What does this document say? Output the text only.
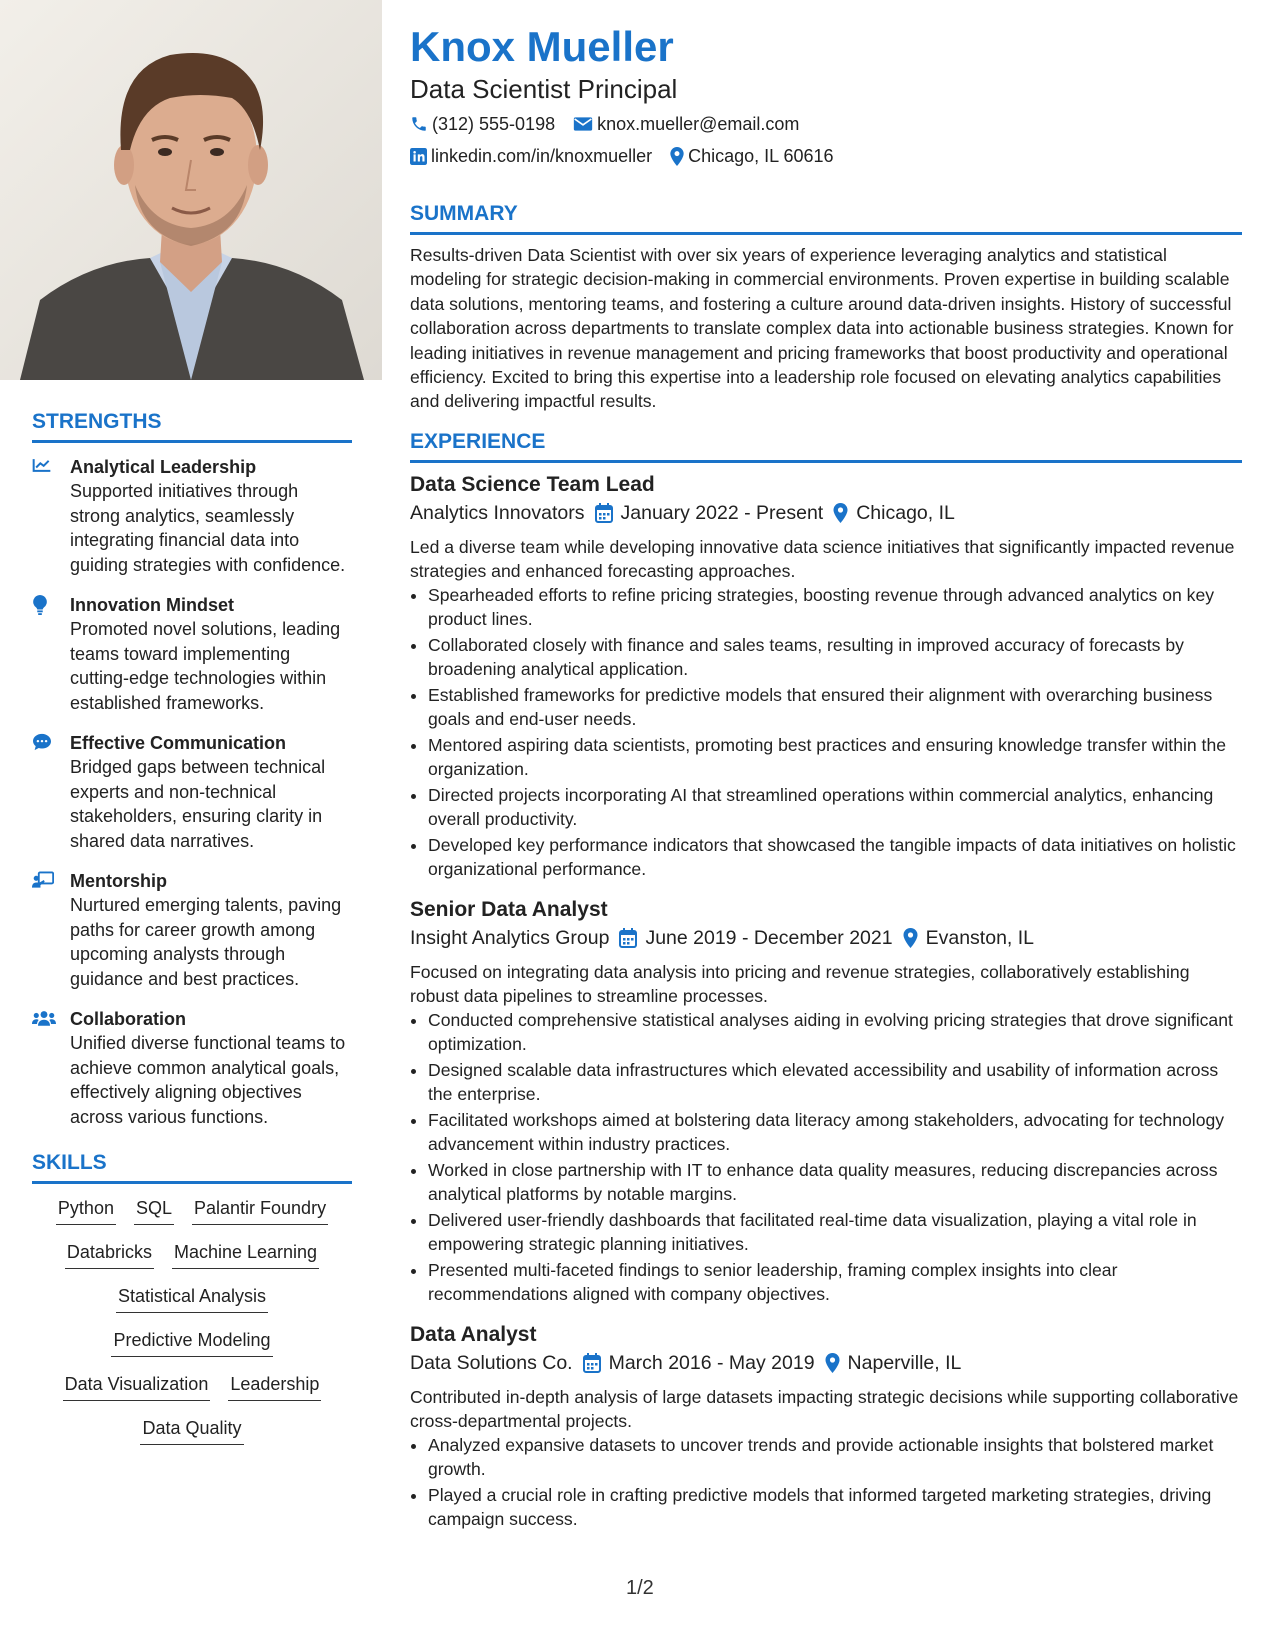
STRENGTHS
Analytical Leadership
Supported initiatives through strong analytics, seamlessly integrating financial data into guiding strategies with confidence.
Innovation Mindset
Promoted novel solutions, leading teams toward implementing cutting-edge technologies within established frameworks.
Effective Communication
Bridged gaps between technical experts and non-technical stakeholders, ensuring clarity in shared data narratives.
Mentorship
Nurtured emerging talents, paving paths for career growth among upcoming analysts through guidance and best practices.
Collaboration
Unified diverse functional teams to achieve common analytical goals, effectively aligning objectives across various functions.
SKILLS
Python SQL Palantir Foundry
Databricks Machine Learning
Statistical Analysis
Predictive Modeling
Data Visualization Leadership
Data Quality
Knox Mueller
Data Scientist Principal
(312) 555-0198 knox.mueller@email.com
linkedin.com/in/knoxmueller Chicago, IL 60616
SUMMARY
Results-driven Data Scientist with over six years of experience leveraging analytics and statistical modeling for strategic decision-making in commercial environments. Proven expertise in building scalable data solutions, mentoring teams, and fostering a culture around data-driven insights. History of successful collaboration across departments to translate complex data into actionable business strategies. Known for leading initiatives in revenue management and pricing frameworks that boost productivity and operational efficiency. Excited to bring this expertise into a leadership role focused on elevating analytics capabilities and delivering impactful results.
EXPERIENCE
Data Science Team Lead
Analytics Innovators January 2022 - Present Chicago, IL
Led a diverse team while developing innovative data science initiatives that significantly impacted revenue strategies and enhanced forecasting approaches.
• Spearheaded efforts to refine pricing strategies, boosting revenue through advanced analytics on key product lines.
• Collaborated closely with finance and sales teams, resulting in improved accuracy of forecasts by broadening analytical application.
• Established frameworks for predictive models that ensured their alignment with overarching business goals and end-user needs.
• Mentored aspiring data scientists, promoting best practices and ensuring knowledge transfer within the organization.
• Directed projects incorporating AI that streamlined operations within commercial analytics, enhancing overall productivity.
• Developed key performance indicators that showcased the tangible impacts of data initiatives on holistic organizational performance.
Senior Data Analyst
Insight Analytics Group June 2019 - December 2021 Evanston, IL
Focused on integrating data analysis into pricing and revenue strategies, collaboratively establishing robust data pipelines to streamline processes.
• Conducted comprehensive statistical analyses aiding in evolving pricing strategies that drove significant optimization.
• Designed scalable data infrastructures which elevated accessibility and usability of information across the enterprise.
• Facilitated workshops aimed at bolstering data literacy among stakeholders, advocating for technology advancement within industry practices.
• Worked in close partnership with IT to enhance data quality measures, reducing discrepancies across analytical platforms by notable margins.
• Delivered user-friendly dashboards that facilitated real-time data visualization, playing a vital role in empowering strategic planning initiatives.
• Presented multi-faceted findings to senior leadership, framing complex insights into clear recommendations aligned with company objectives.
Data Analyst
Data Solutions Co. March 2016 - May 2019 Naperville, IL
Contributed in-depth analysis of large datasets impacting strategic decisions while supporting collaborative cross-departmental projects.
• Analyzed expansive datasets to uncover trends and provide actionable insights that bolstered market growth.
• Played a crucial role in crafting predictive models that informed targeted marketing strategies, driving campaign success.
1/2
